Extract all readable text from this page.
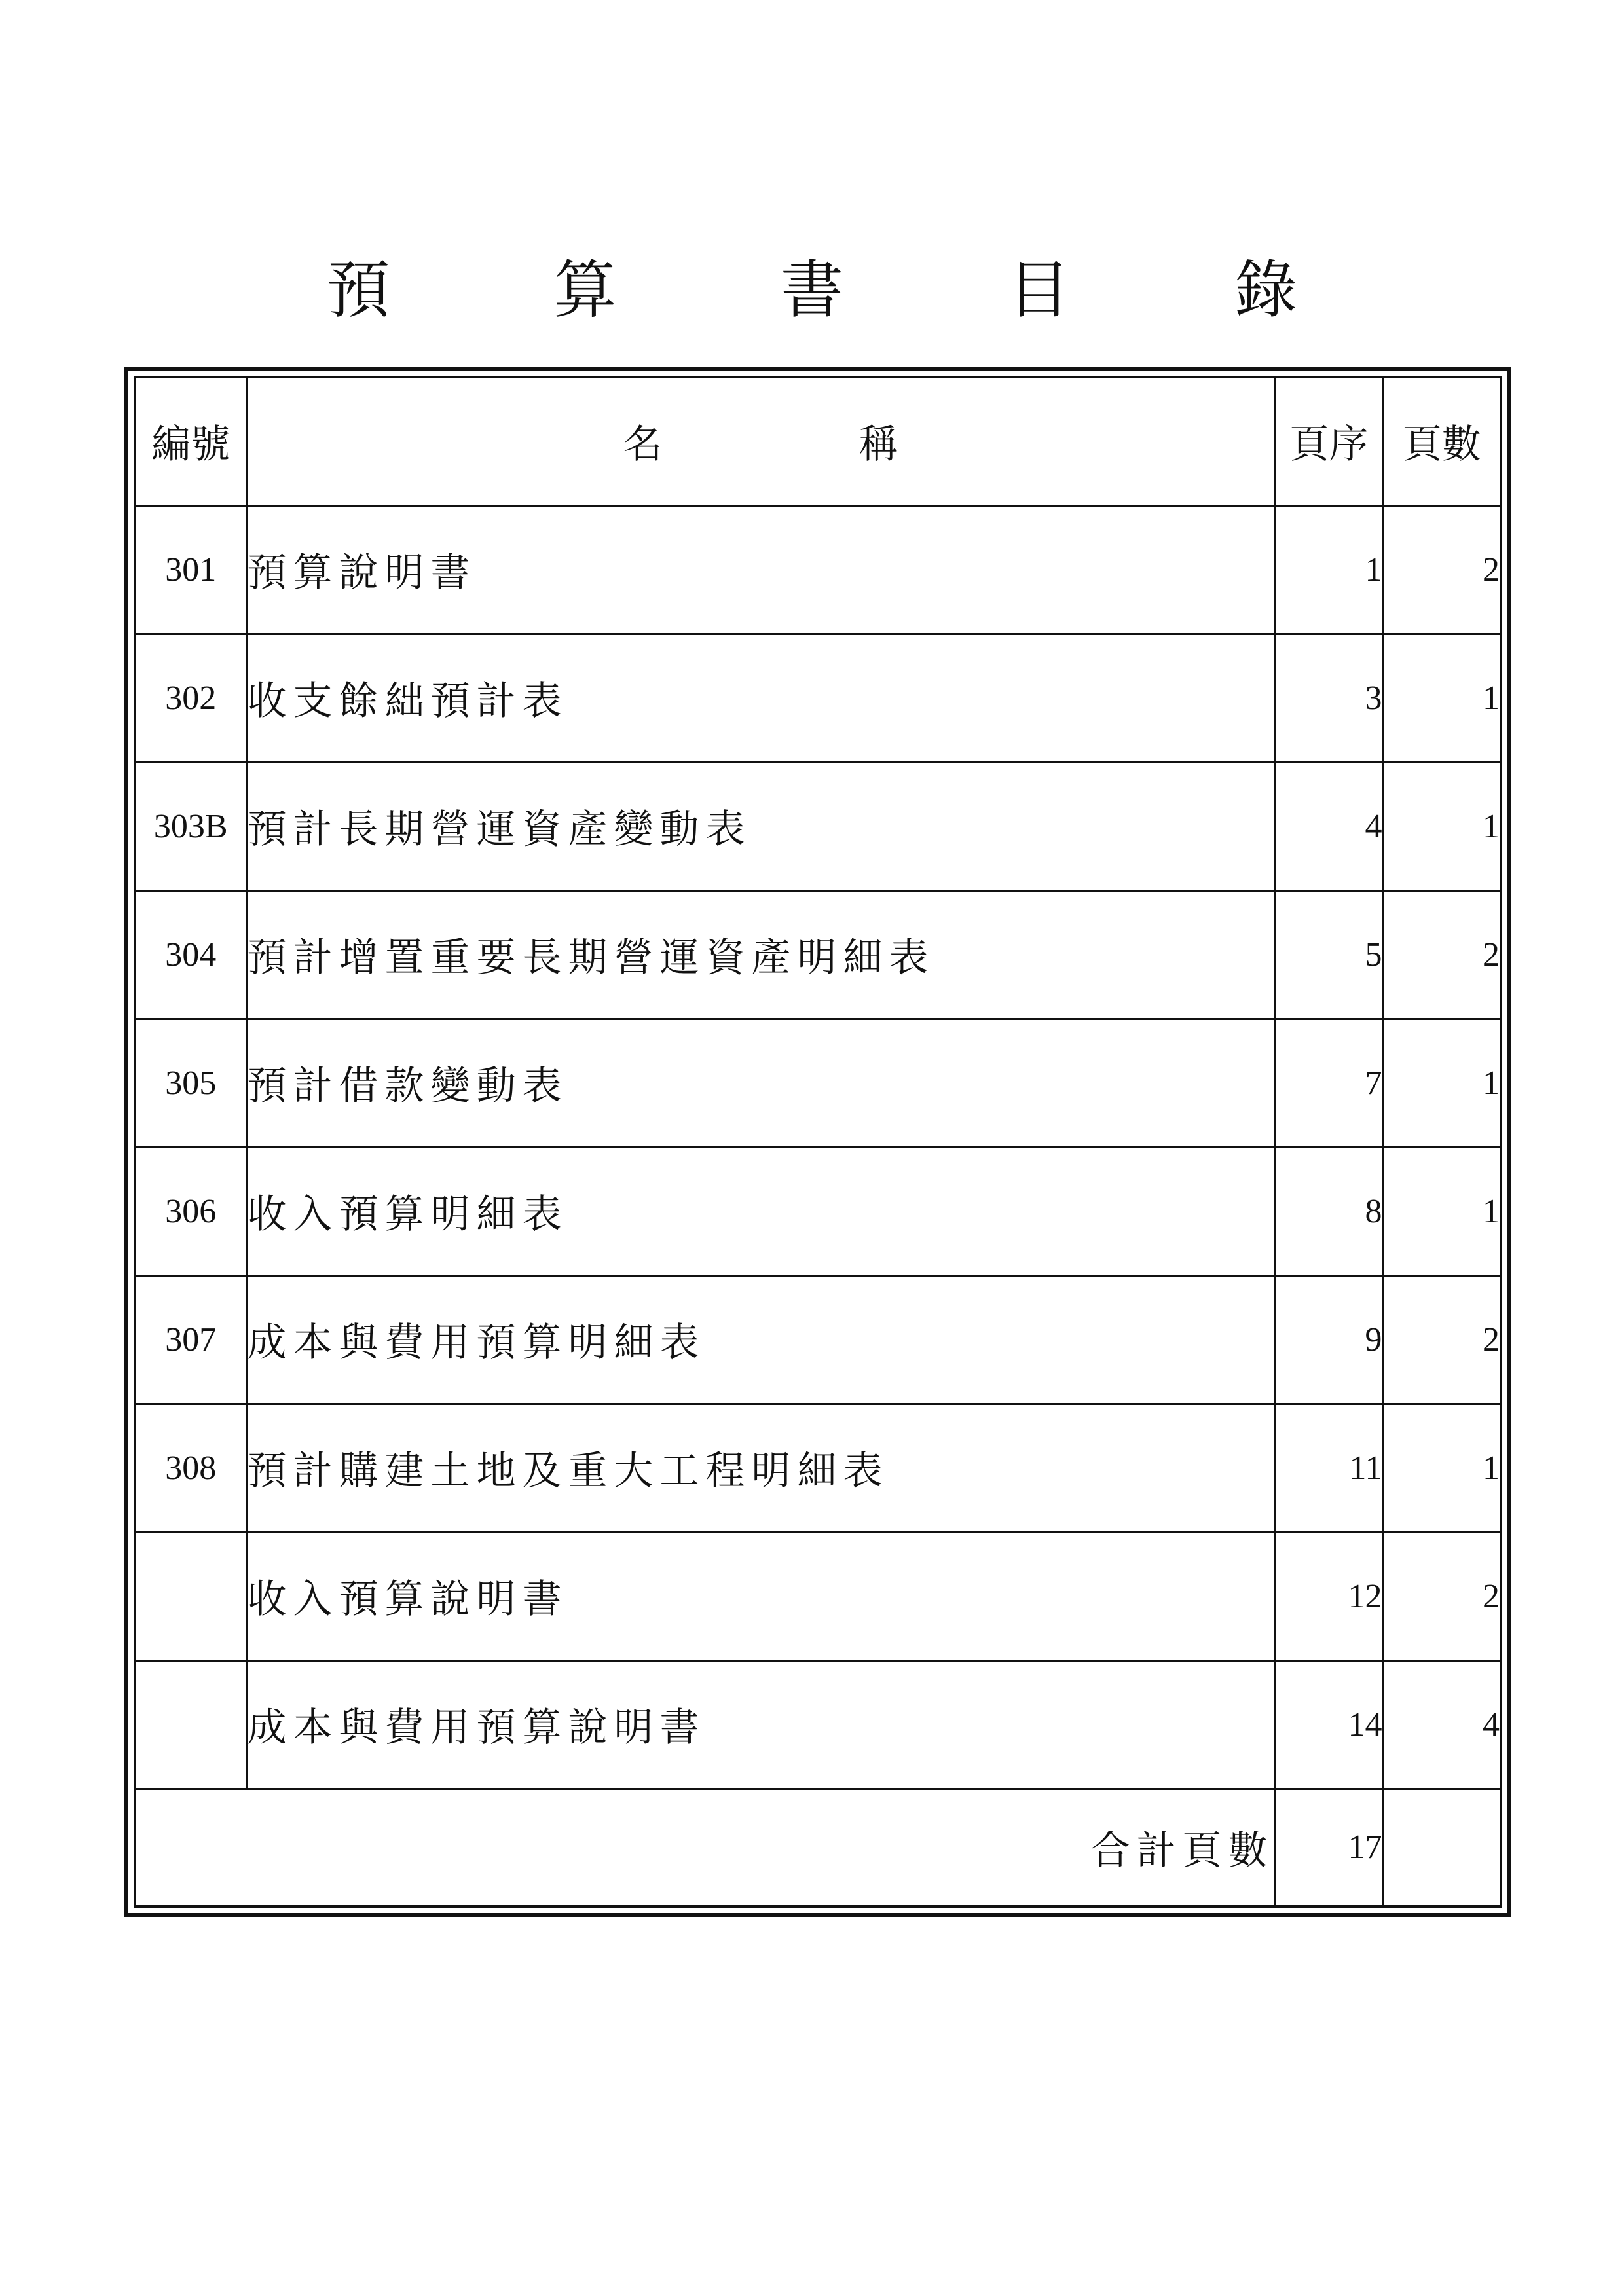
預 算 書 目 錄
編號	名 稱	頁序	頁數
301	預算說明書	1	2
302	收支餘絀預計表	3	1
303B	預計長期營運資產變動表	4	1
304	預計增置重要長期營運資產明細表	5	2
305	預計借款變動表	7	1
306	收入預算明細表	8	1
307	成本與費用預算明細表	9	2
308	預計購建土地及重大工程明細表	11	1
	收入預算說明書	12	2
	成本與費用預算說明書	14	4
合計頁數		17	
